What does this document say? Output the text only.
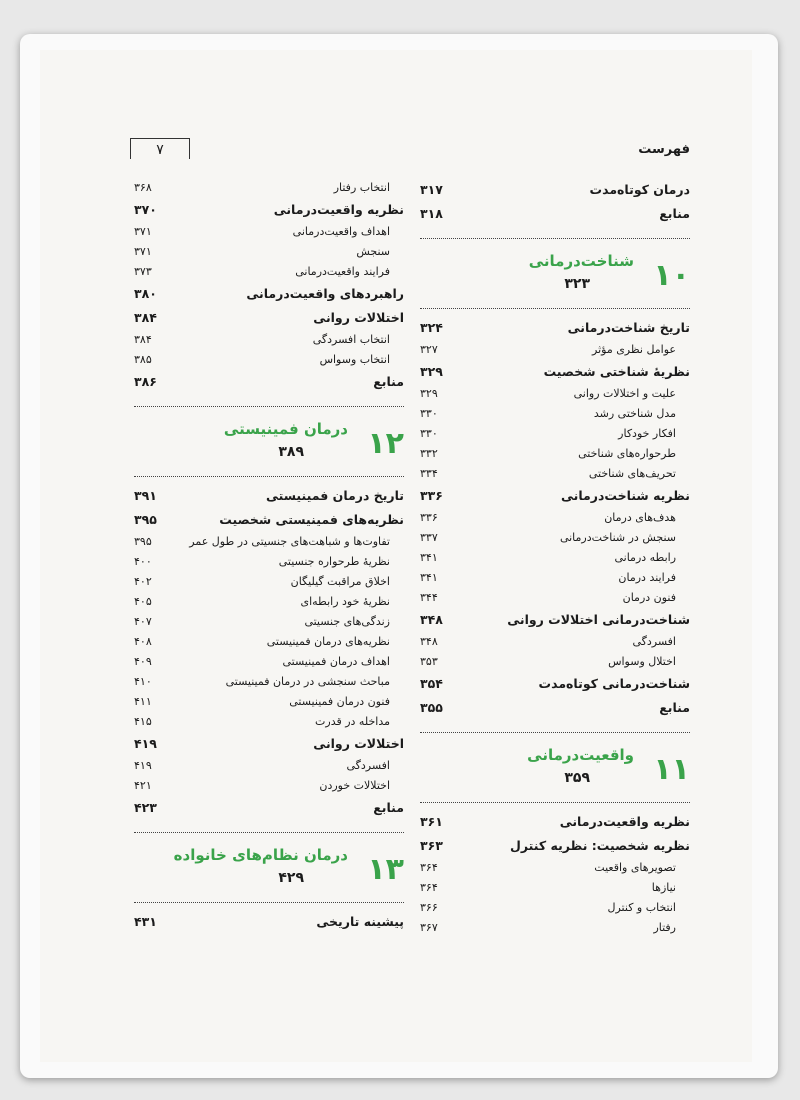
۷	فهرست
درمان کوتاه‌مدت
۳۱۷
منابع
۳۱۸
۱۰
شناخت‌درمانی
۳۲۳
تاریخ شناخت‌درمانی
۳۲۴
عوامل نظری مؤثر
۳۲۷
نظریهٔ شناختی شخصیت
۳۲۹
علیت و اختلالات روانی
۳۲۹
مدل شناختی رشد
۳۳۰
افکار خودکار
۳۳۰
طرحواره‌های شناختی
۳۳۲
تحریف‌های شناختی
۳۳۴
نظریه شناخت‌درمانی
۳۳۶
هدف‌های درمان
۳۳۶
سنجش در شناخت‌درمانی
۳۳۷
رابطه درمانی
۳۴۱
فرایند درمان
۳۴۱
فنون درمان
۳۴۴
شناخت‌درمانی اختلالات روانی
۳۴۸
افسردگی
۳۴۸
اختلال وسواس
۳۵۳
شناخت‌درمانی کوتاه‌مدت
۳۵۴
منابع
۳۵۵
۱۱
واقعیت‌درمانی
۳۵۹
نظریه واقعیت‌درمانی
۳۶۱
نظریه شخصیت: نظریه کنترل
۳۶۳
تصویرهای واقعیت
۳۶۴
نیازها
۳۶۴
انتخاب و کنترل
۳۶۶
رفتار
۳۶۷
انتخاب رفتار
۳۶۸
نظریه واقعیت‌درمانی
۳۷۰
اهداف واقعیت‌درمانی
۳۷۱
سنجش
۳۷۱
فرایند واقعیت‌درمانی
۳۷۳
راهبردهای واقعیت‌درمانی
۳۸۰
اختلالات روانی
۳۸۴
انتخاب افسردگی
۳۸۴
انتخاب وسواس
۳۸۵
منابع
۳۸۶
۱۲
درمان فمینیستی
۳۸۹
تاریخ درمان فمینیستی
۳۹۱
نظریه‌های فمینیستی شخصیت
۳۹۵
تفاوت‌ها و شباهت‌های جنسیتی در طول عمر
۳۹۵
نظریهٔ طرحواره جنسیتی
۴۰۰
اخلاق مراقبت گیلیگان
۴۰۲
نظریهٔ خود رابطه‌ای
۴۰۵
زندگی‌های جنسیتی
۴۰۷
نظریه‌های درمان فمینیستی
۴۰۸
اهداف درمان فمینیستی
۴۰۹
مباحث سنجشی در درمان فمینیستی
۴۱۰
فنون درمان فمینیستی
۴۱۱
مداخله در قدرت
۴۱۵
اختلالات روانی
۴۱۹
افسردگی
۴۱۹
اختلالات خوردن
۴۲۱
منابع
۴۲۳
۱۳
درمان نظام‌های خانواده
۴۲۹
پیشینه تاریخی
۴۳۱
